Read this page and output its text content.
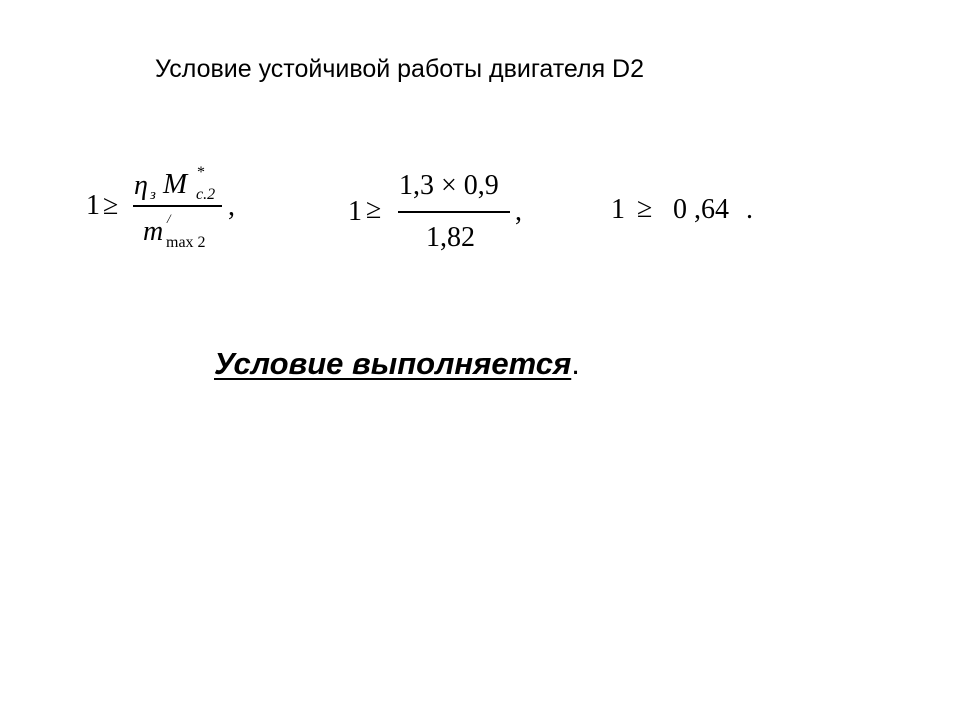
Условие устойчивой работы двигателя D2
1 ≥
η з M *
c.2
m /
max 2
,	1 ≥
1,3 × 0,9
1,82
,	1 ≥ 0 ,64 .
Условие выполняется.
